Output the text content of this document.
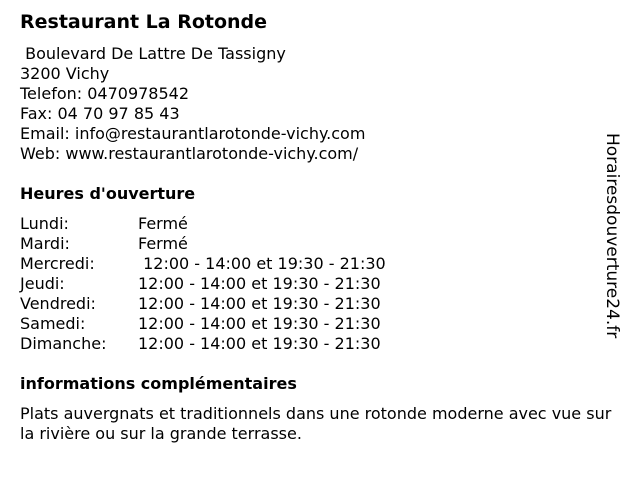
Restaurant La Rotonde
Boulevard De Lattre De Tassigny
3200 Vichy
Telefon: 0470978542
Fax: 04 70 97 85 43
Email: info@restaurantlarotonde-vichy.com
Web: www.restaurantlarotonde-vichy.com/
Heures d'ouverture
Lundi:	Fermé
Mardi:	Fermé
Mercredi:	12:00 - 14:00 et 19:30 - 21:30
Jeudi:	12:00 - 14:00 et 19:30 - 21:30
Vendredi:	12:00 - 14:00 et 19:30 - 21:30
Samedi:	12:00 - 14:00 et 19:30 - 21:30
Dimanche: 12:00 - 14:00 et 19:30 - 21:30
informations complémentaires
Plats auvergnats et traditionnels dans une rotonde moderne avec vue sur la rivière ou sur la grande terrasse.
Horairesdouverture24.fr
